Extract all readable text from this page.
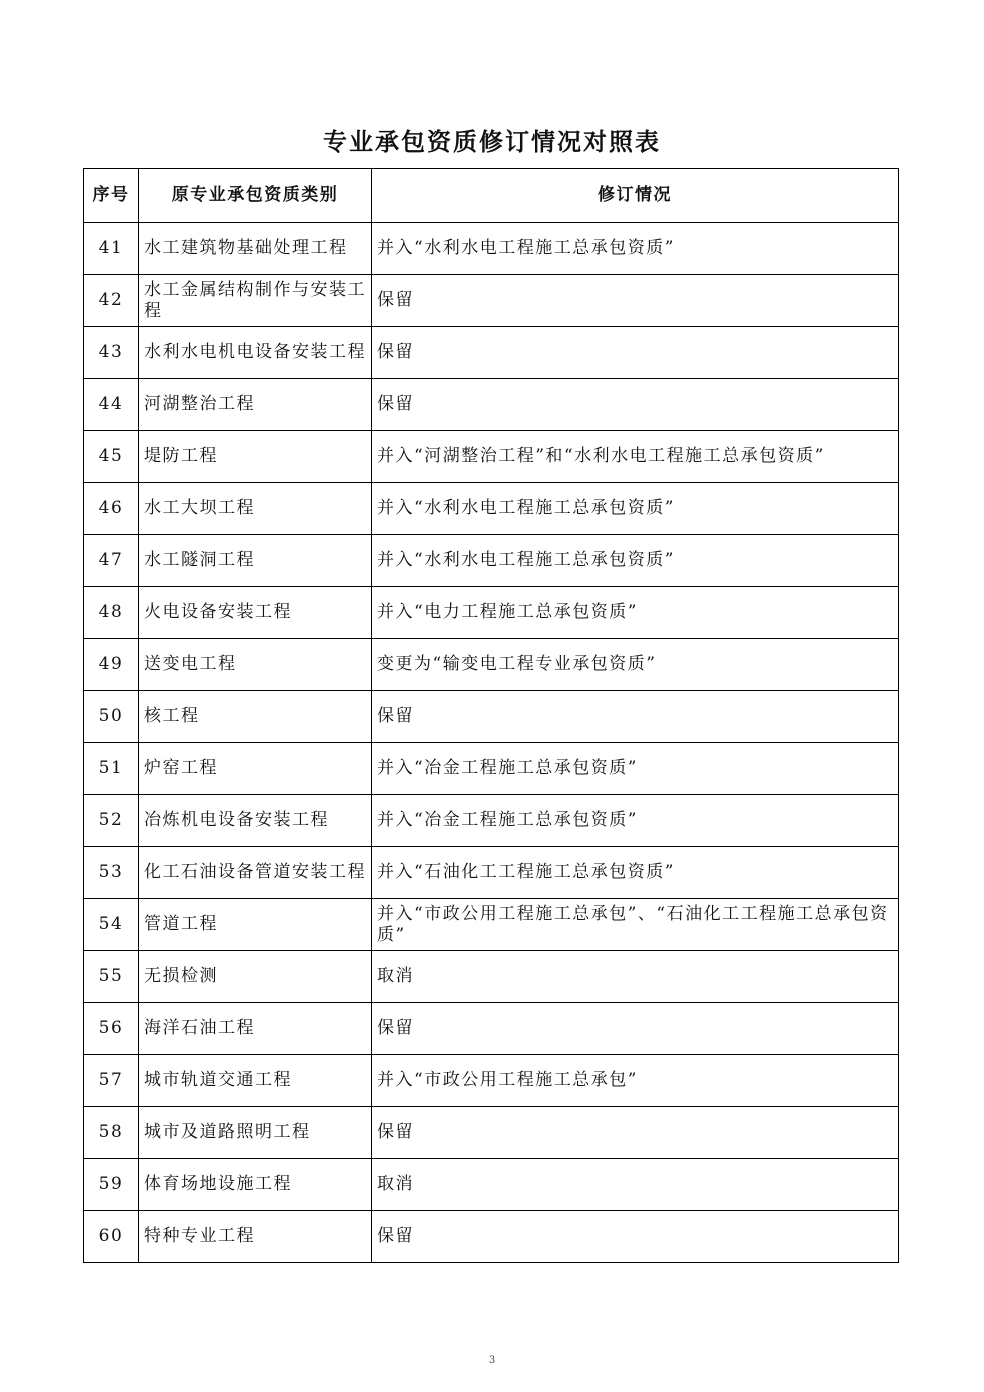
专业承包资质修订情况对照表
序号	原专业承包资质类别	修订情况
41	水工建筑物基础处理工程	并入“水利水电工程施工总承包资质”
42	水工金属结构制作与安装工程	保留
43	水利水电机电设备安装工程	保留
44	河湖整治工程	保留
45	堤防工程	并入“河湖整治工程”和“水利水电工程施工总承包资质”
46	水工大坝工程	并入“水利水电工程施工总承包资质”
47	水工隧洞工程	并入“水利水电工程施工总承包资质”
48	火电设备安装工程	并入“电力工程施工总承包资质”
49	送变电工程	变更为“输变电工程专业承包资质”
50	核工程	保留
51	炉窑工程	并入“冶金工程施工总承包资质”
52	冶炼机电设备安装工程	并入“冶金工程施工总承包资质”
53	化工石油设备管道安装工程	并入“石油化工工程施工总承包资质”
54	管道工程	并入“市政公用工程施工总承包”、“石油化工工程施工总承包资质”
55	无损检测	取消
56	海洋石油工程	保留
57	城市轨道交通工程	并入“市政公用工程施工总承包”
58	城市及道路照明工程	保留
59	体育场地设施工程	取消
60	特种专业工程	保留
3
